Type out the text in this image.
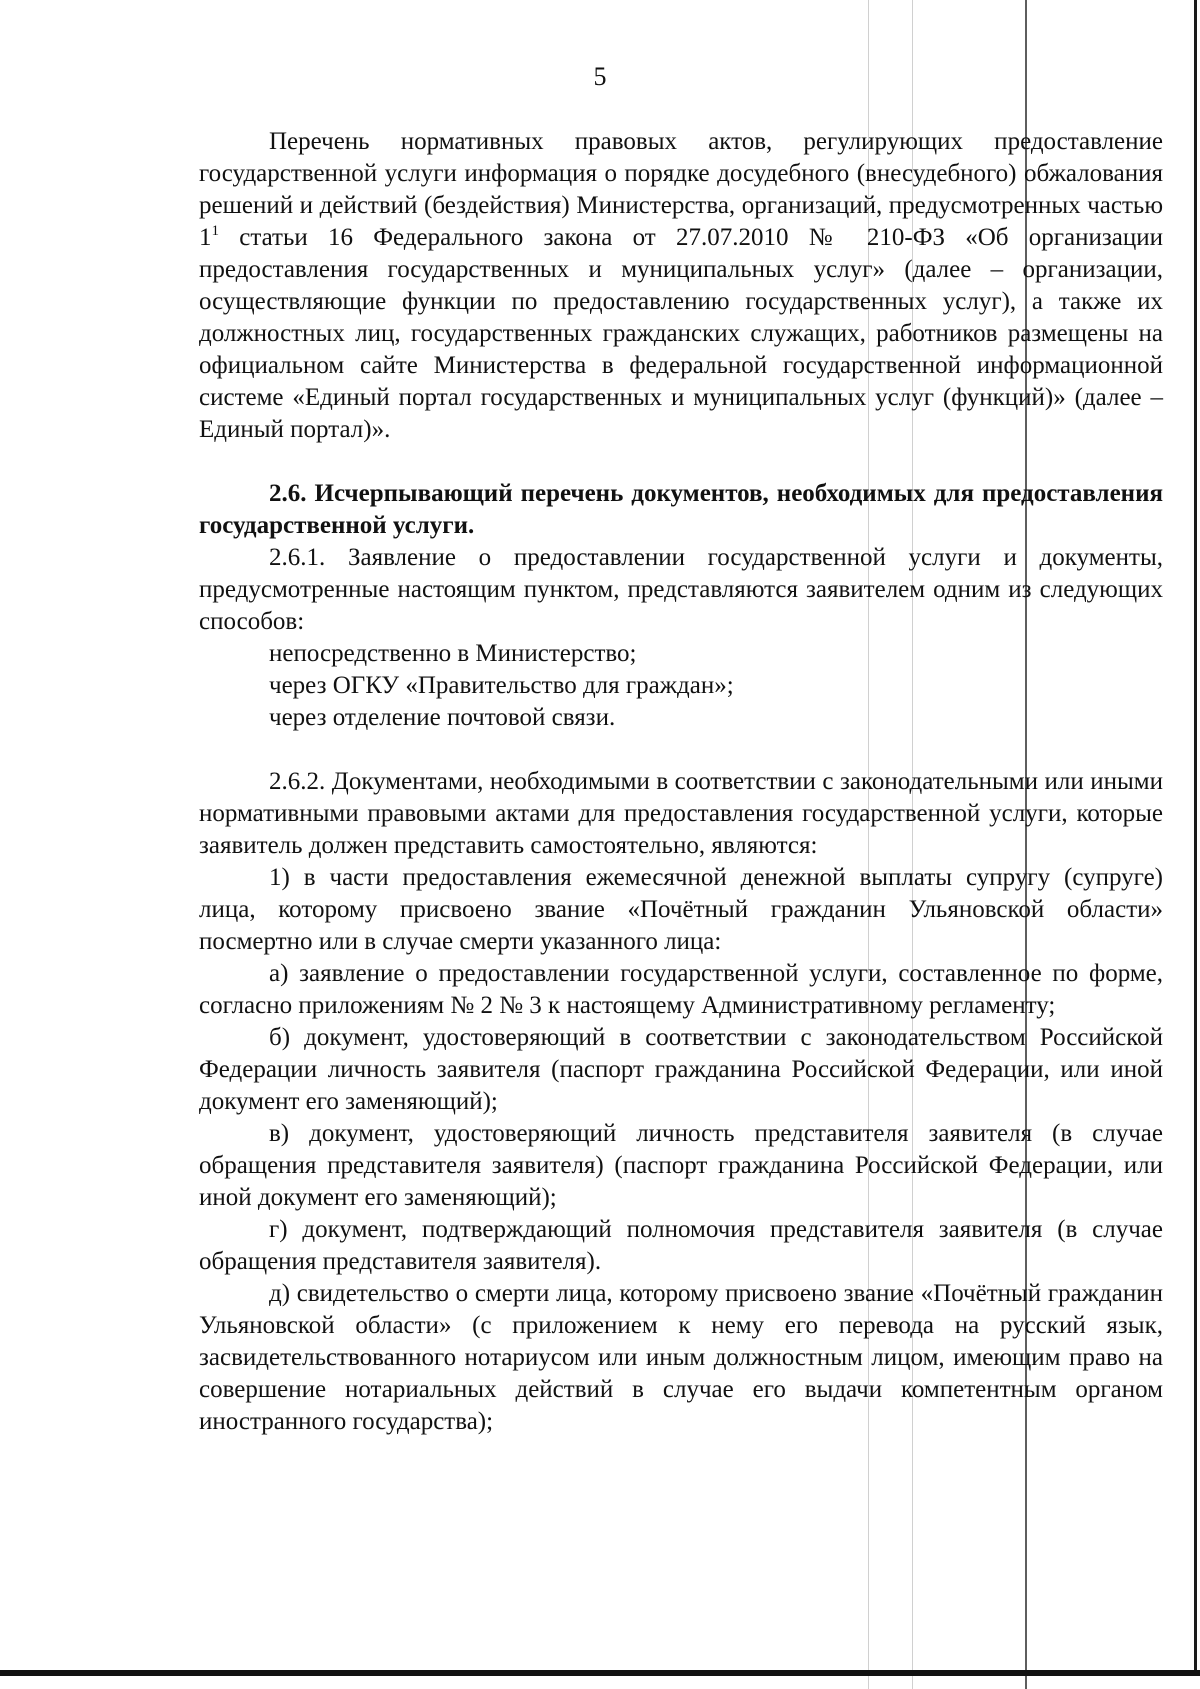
5

Перечень нормативных правовых актов, регулирующих предоставление государственной услуги информация о порядке досудебного (внесудебного) обжалования решений и действий (бездействия) Министерства, организаций, предусмотренных частью $1^1$ статьи 16 Федерального закона от 27.07.2010 № 210-ФЗ «Об организации предоставления государственных и муниципальных услуг» (далее – организации, осуществляющие функции по предоставлению государственных услуг), а также их должностных лиц, государственных гражданских служащих, работников размещены на официальном сайте Министерства в федеральной государственной информационной системе «Единый портал государственных и муниципальных услуг (функций)» (далее – Единый портал)».

2.6. Исчерпывающий перечень документов, необходимых для предоставления государственной услуги.

2.6.1. Заявление о предоставлении государственной услуги и документы, предусмотренные настоящим пунктом, представляются заявителем одним из следующих способов:

непосредственно в Министерство;

через ОГКУ «Правительство для граждан»;

через отделение почтовой связи.

2.6.2. Документами, необходимыми в соответствии с законодательными или иными нормативными правовыми актами для предоставления государственной услуги, которые заявитель должен представить самостоятельно, являются:

1) в части предоставления ежемесячной денежной выплаты супругу (супруге) лица, которому присвоено звание «Почётный гражданин Ульяновской области» посмертно или в случае смерти указанного лица:

а) заявление о предоставлении государственной услуги, составленное по форме, согласно приложениям № 2 № 3 к настоящему Административному регламенту;

б) документ, удостоверяющий в соответствии с законодательством Российской Федерации личность заявителя (паспорт гражданина Российской Федерации, или иной документ его заменяющий);

в) документ, удостоверяющий личность представителя заявителя (в случае обращения представителя заявителя) (паспорт гражданина Российской Федерации, или иной документ его заменяющий);

г) документ, подтверждающий полномочия представителя заявителя (в случае обращения представителя заявителя).

д) свидетельство о смерти лица, которому присвоено звание «Почётный гражданин Ульяновской области» (с приложением к нему его перевода на русский язык, засвидетельствованного нотариусом или иным должностным лицом, имеющим право на совершение нотариальных действий в случае его выдачи компетентным органом иностранного государства);
